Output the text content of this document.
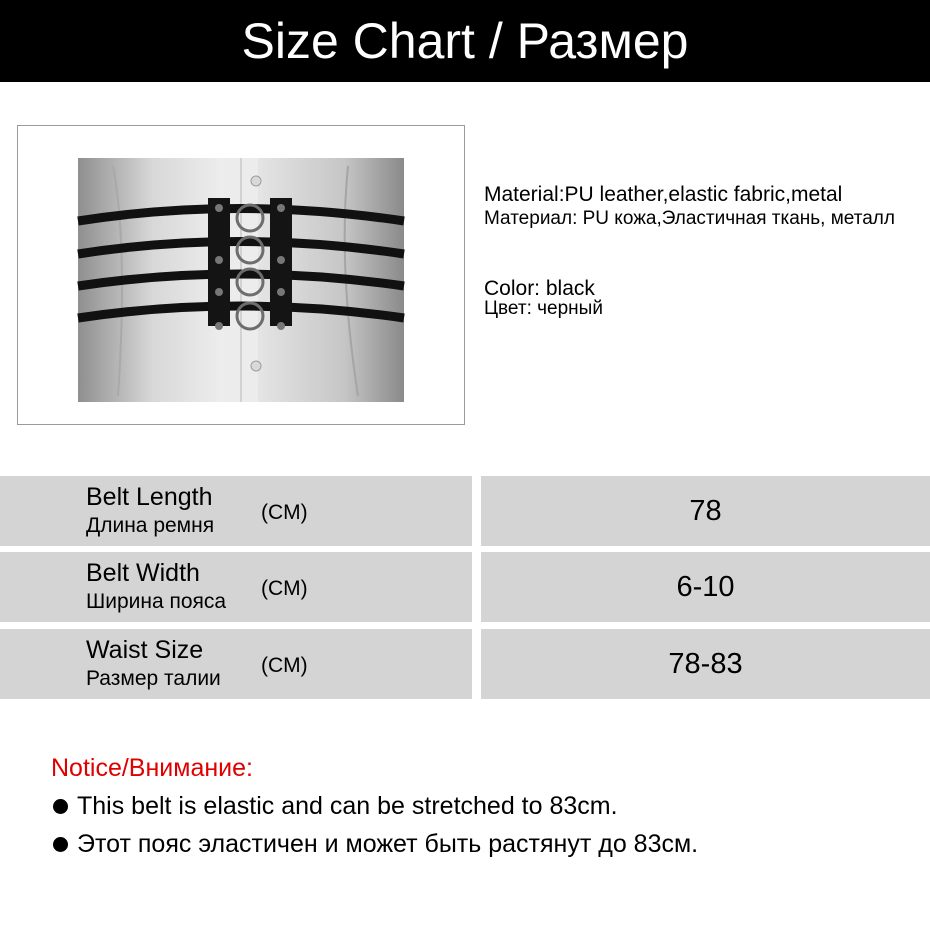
Size Chart / Размер
Material:PU leather,elastic fabric,metal
Материал: PU кожа,Эластичная ткань, металл
Color: black
Цвет: черный
Belt Length
Длина ремня
(CM)	78
Belt Width
Ширина пояса
(CM)	6-10
Waist Size
Размер талии
(CM)	78-83
Notice/Внимание:
This belt is elastic and can be stretched to 83cm.
Этот пояс эластичен и может быть растянут до 83см.
